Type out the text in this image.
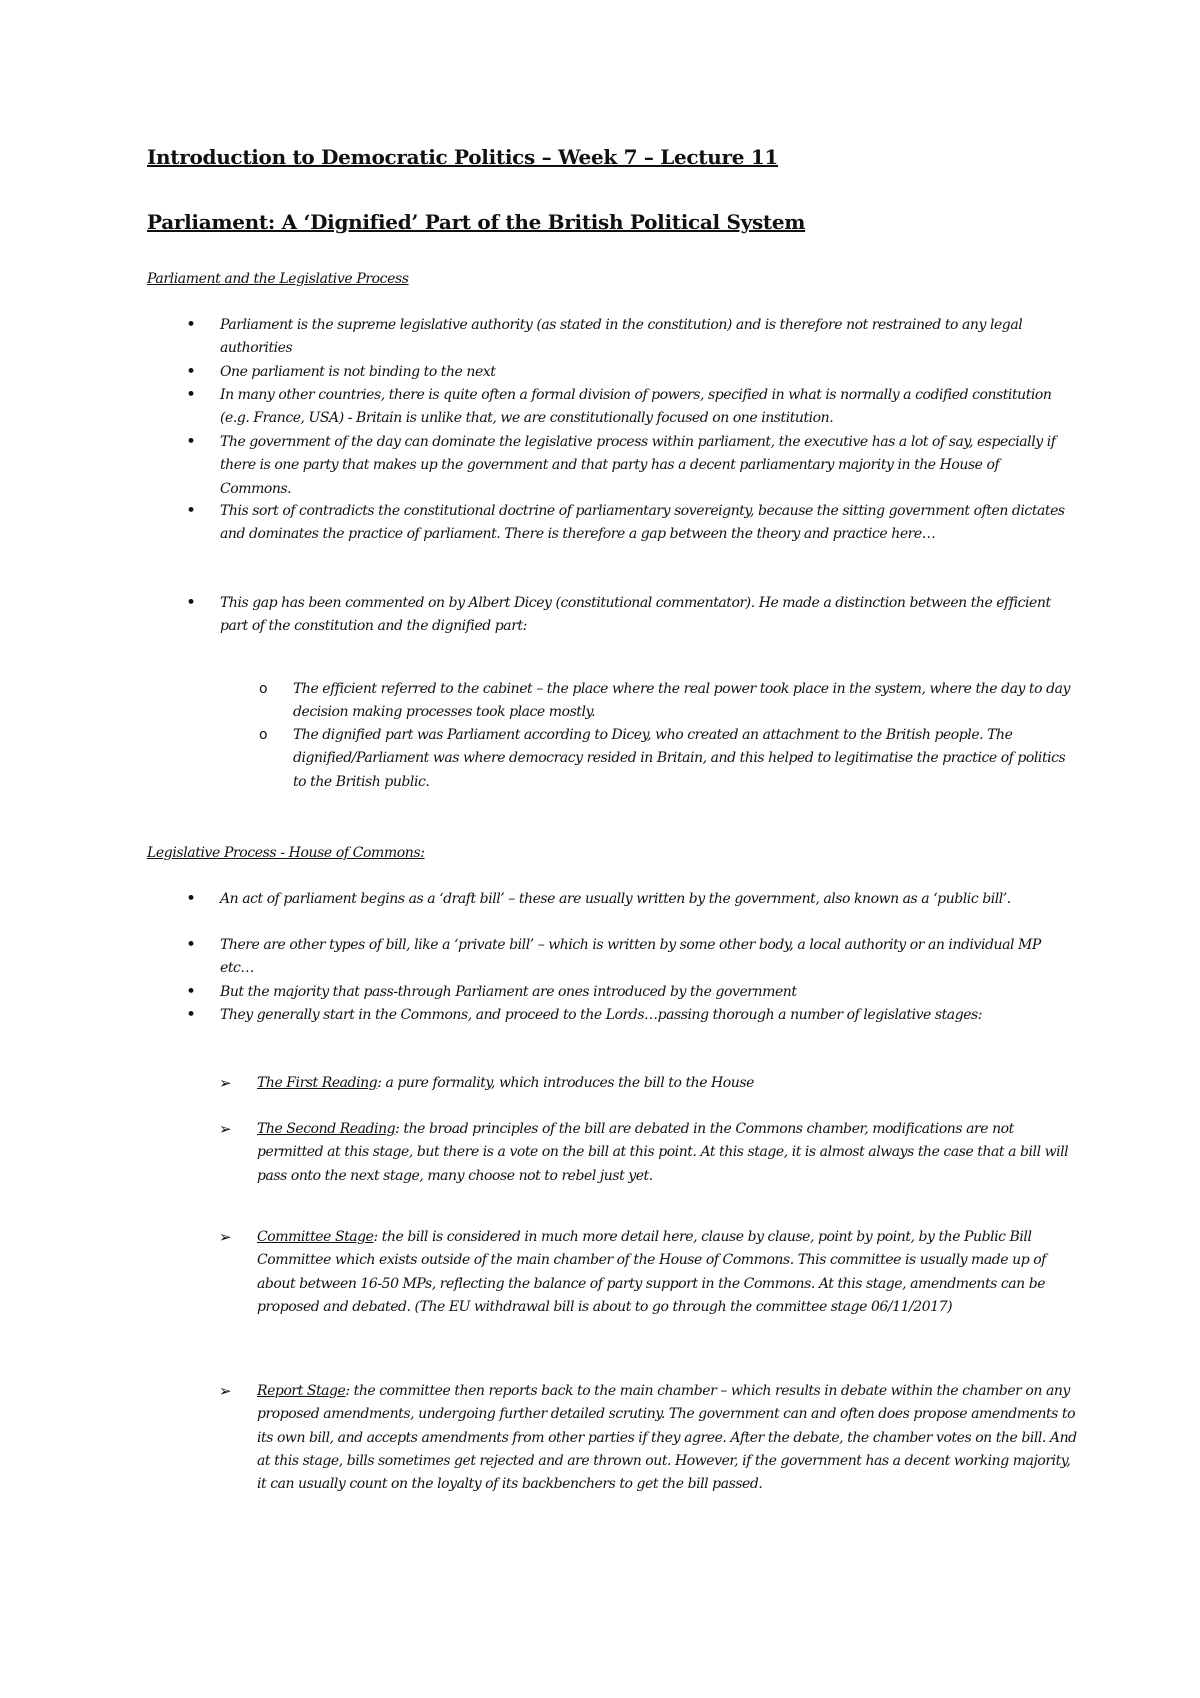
Introduction to Democratic Politics – Week 7 – Lecture 11
Parliament: A ‘Dignified’ Part of the British Political System

Parliament and the Legislative Process

• Parliament is the supreme legislative authority (as stated in the constitution) and is therefore not restrained to any legal authorities
• One parliament is not binding to the next
• In many other countries, there is quite often a formal division of powers, specified in what is normally a codified constitution (e.g. France, USA) - Britain is unlike that, we are constitutionally focused on one institution.
• The government of the day can dominate the legislative process within parliament, the executive has a lot of say, especially if there is one party that makes up the government and that party has a decent parliamentary majority in the House of Commons.
• This sort of contradicts the constitutional doctrine of parliamentary sovereignty, because the sitting government often dictates and dominates the practice of parliament. There is therefore a gap between the theory and practice here…
• This gap has been commented on by Albert Dicey (constitutional commentator). He made a distinction between the efficient part of the constitution and the dignified part:
o The efficient referred to the cabinet – the place where the real power took place in the system, where the day to day decision making processes took place mostly.
o The dignified part was Parliament according to Dicey, who created an attachment to the British people. The dignified/Parliament was where democracy resided in Britain, and this helped to legitimatise the practice of politics to the British public.

Legislative Process - House of Commons:

• An act of parliament begins as a ‘draft bill’ – these are usually written by the government, also known as a ‘public bill’.
• There are other types of bill, like a ‘private bill’ – which is written by some other body, a local authority or an individual MP etc…
• But the majority that pass-through Parliament are ones introduced by the government
• They generally start in the Commons, and proceed to the Lords…passing thorough a number of legislative stages:
➢ The First Reading: a pure formality, which introduces the bill to the House
➢ The Second Reading: the broad principles of the bill are debated in the Commons chamber, modifications are not permitted at this stage, but there is a vote on the bill at this point. At this stage, it is almost always the case that a bill will pass onto the next stage, many choose not to rebel just yet.
➢ Committee Stage: the bill is considered in much more detail here, clause by clause, point by point, by the Public Bill Committee which exists outside of the main chamber of the House of Commons. This committee is usually made up of about between 16-50 MPs, reflecting the balance of party support in the Commons. At this stage, amendments can be proposed and debated. (The EU withdrawal bill is about to go through the committee stage 06/11/2017)
➢ Report Stage: the committee then reports back to the main chamber – which results in debate within the chamber on any proposed amendments, undergoing further detailed scrutiny. The government can and often does propose amendments to its own bill, and accepts amendments from other parties if they agree. After the debate, the chamber votes on the bill. And at this stage, bills sometimes get rejected and are thrown out. However, if the government has a decent working majority, it can usually count on the loyalty of its backbenchers to get the bill passed.
